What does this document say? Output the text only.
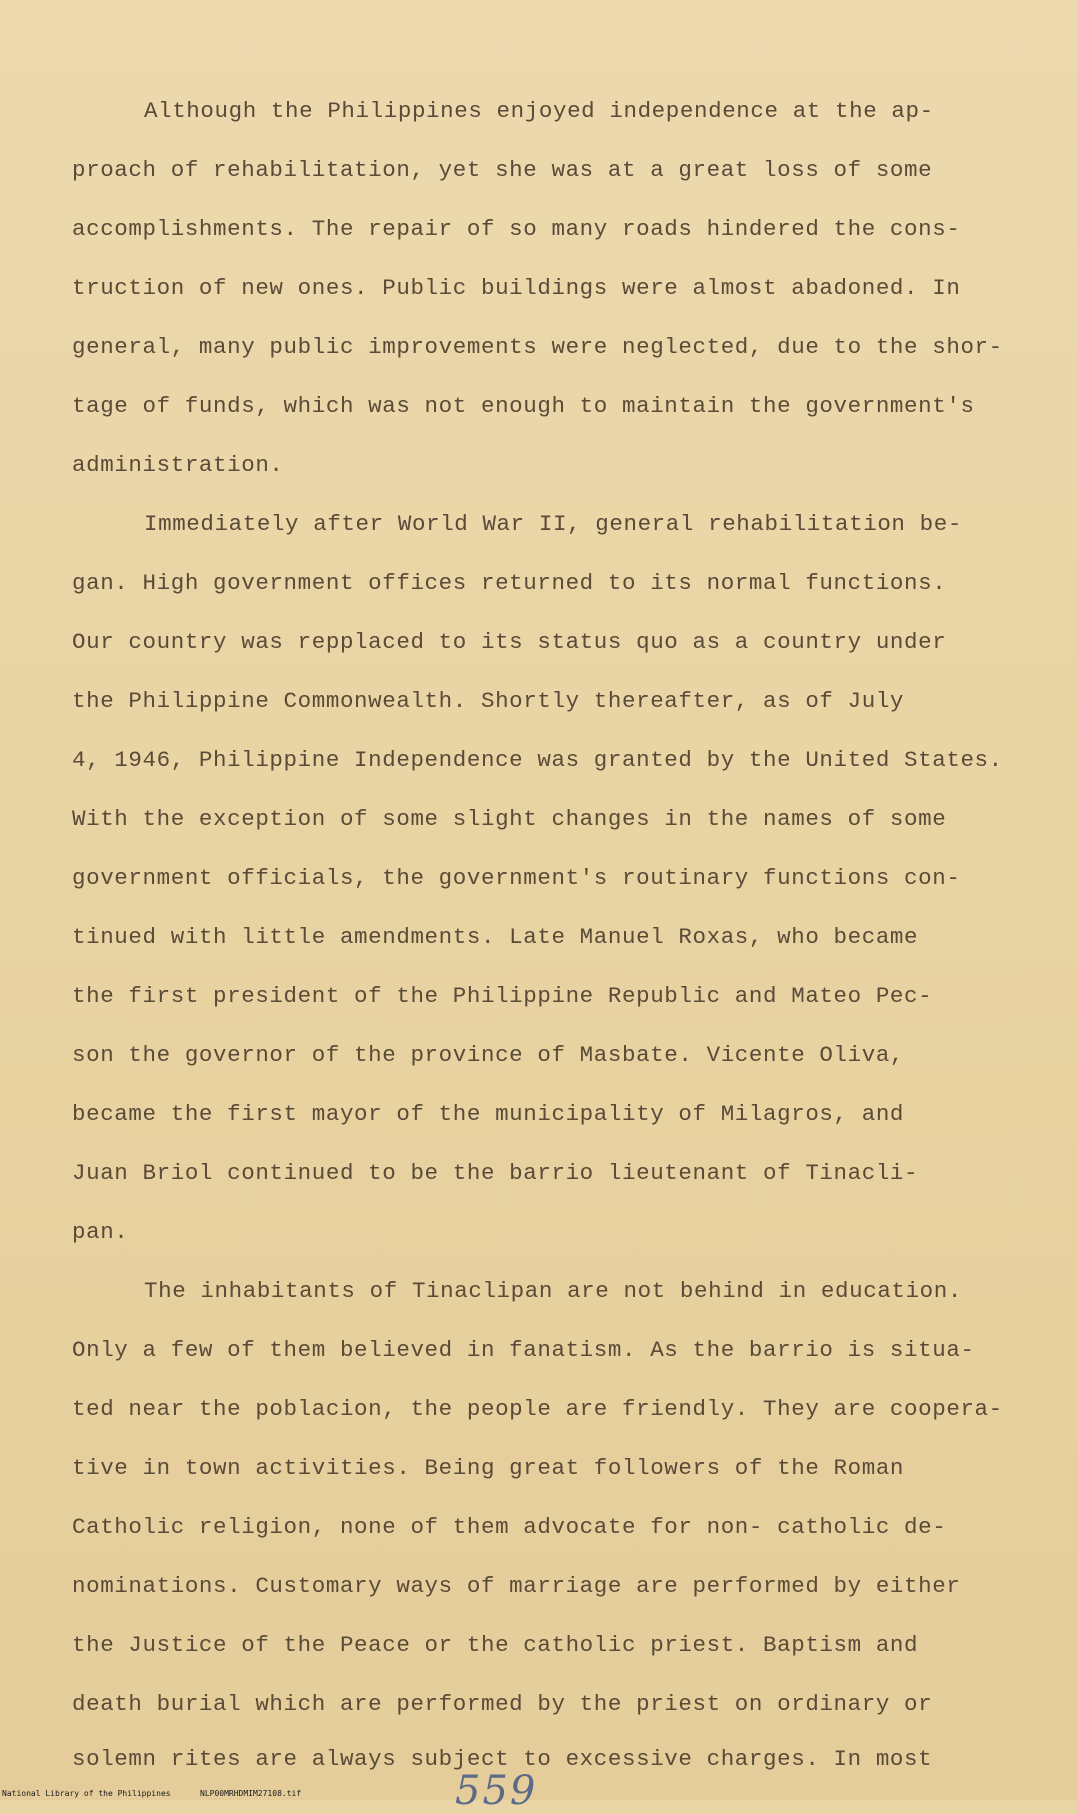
Although the Philippines enjoyed independence at the ap-
proach of rehabilitation, yet she was at a great loss of some
accomplishments. The repair of so many roads hindered the cons-
truction of new ones. Public buildings were almost abadoned. In
general, many public improvements were neglected, due to the shor-
tage of funds, which was not enough to maintain the government's
administration.
Immediately after World War II, general rehabilitation be-
gan. High government offices returned to its normal functions.
Our country was repplaced to its status quo as a country under
the Philippine Commonwealth. Shortly thereafter, as of July
4, 1946, Philippine Independence was granted by the United States.
With the exception of some slight changes in the names of some
government officials, the government's routinary functions con-
tinued with little amendments. Late Manuel Roxas, who became
the first president of the Philippine Republic and Mateo Pec-
son the governor of the province of Masbate. Vicente Oliva,
became the first mayor of the municipality of Milagros, and
Juan Briol continued to be the barrio lieutenant of Tinacli-
pan.
The inhabitants of Tinaclipan are not behind in education.
Only a few of them believed in fanatism. As the barrio is situa-
ted near the poblacion, the people are friendly. They are coopera-
tive in town activities. Being great followers of the Roman
Catholic religion, none of them advocate for non- catholic de-
nominations. Customary ways of marriage are performed by either
the Justice of the Peace or the catholic priest. Baptism and
death burial which are performed by the priest on ordinary or
solemn rites are always subject to excessive charges. In most
559
National Library of the Philippines	NLP00MRHDMIM27108.tif
